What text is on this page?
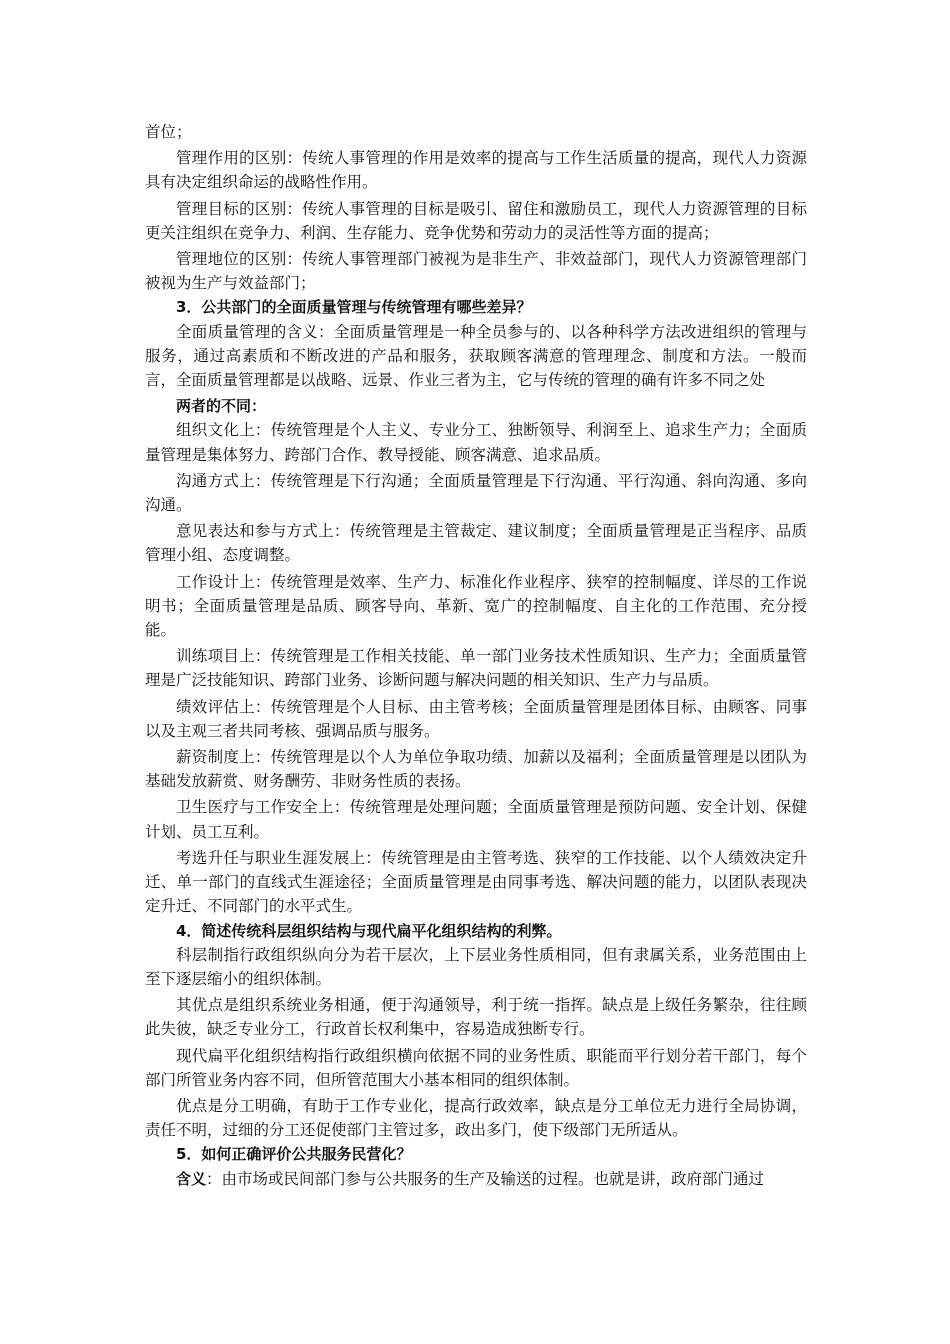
首位；

管理作用的区别：传统人事管理的作用是效率的提高与工作生活质量的提高，现代人力资源具有决定组织命运的战略性作用。

管理目标的区别：传统人事管理的目标是吸引、留住和激励员工，现代人力资源管理的目标更关注组织在竞争力、利润、生存能力、竞争优势和劳动力的灵活性等方面的提高；

管理地位的区别：传统人事管理部门被视为是非生产、非效益部门，现代人力资源管理部门被视为生产与效益部门；

3．公共部门的全面质量管理与传统管理有哪些差异？

全面质量管理的含义：全面质量管理是一种全员参与的、以各种科学方法改进组织的管理与服务，通过高素质和不断改进的产品和服务，获取顾客满意的管理理念、制度和方法。一般而言，全面质量管理都是以战略、远景、作业三者为主，它与传统的管理的确有许多不同之处

两者的不同：

组织文化上：传统管理是个人主义、专业分工、独断领导、利润至上、追求生产力；全面质量管理是集体努力、跨部门合作、教导授能、顾客满意、追求品质。

沟通方式上：传统管理是下行沟通；全面质量管理是下行沟通、平行沟通、斜向沟通、多向沟通。

意见表达和参与方式上：传统管理是主管裁定、建议制度；全面质量管理是正当程序、品质管理小组、态度调整。

工作设计上：传统管理是效率、生产力、标准化作业程序、狭窄的控制幅度、详尽的工作说明书；全面质量管理是品质、顾客导向、革新、宽广的控制幅度、自主化的工作范围、充分授能。

训练项目上：传统管理是工作相关技能、单一部门业务技术性质知识、生产力；全面质量管理是广泛技能知识、跨部门业务、诊断问题与解决问题的相关知识、生产力与品质。

绩效评估上：传统管理是个人目标、由主管考核；全面质量管理是团体目标、由顾客、同事以及主观三者共同考核、强调品质与服务。

薪资制度上：传统管理是以个人为单位争取功绩、加薪以及福利；全面质量管理是以团队为基础发放薪赏、财务酬劳、非财务性质的表扬。

卫生医疗与工作安全上：传统管理是处理问题；全面质量管理是预防问题、安全计划、保健计划、员工互利。

考选升任与职业生涯发展上：传统管理是由主管考选、狭窄的工作技能、以个人绩效决定升迁、单一部门的直线式生涯途径；全面质量管理是由同事考选、解决问题的能力，以团队表现决定升迁、不同部门的水平式生。

4．简述传统科层组织结构与现代扁平化组织结构的利弊。

科层制指行政组织纵向分为若干层次，上下层业务性质相同，但有隶属关系，业务范围由上至下逐层缩小的组织体制。

其优点是组织系统业务相通，便于沟通领导，利于统一指挥。缺点是上级任务繁杂，往往顾此失彼，缺乏专业分工，行政首长权利集中，容易造成独断专行。

现代扁平化组织结构指行政组织横向依据不同的业务性质、职能而平行划分若干部门，每个部门所管业务内容不同，但所管范围大小基本相同的组织体制。

优点是分工明确，有助于工作专业化，提高行政效率，缺点是分工单位无力进行全局协调，责任不明，过细的分工还促使部门主管过多，政出多门，使下级部门无所适从。

5．如何正确评价公共服务民营化？

含义：由市场或民间部门参与公共服务的生产及输送的过程。也就是讲，政府部门通过
